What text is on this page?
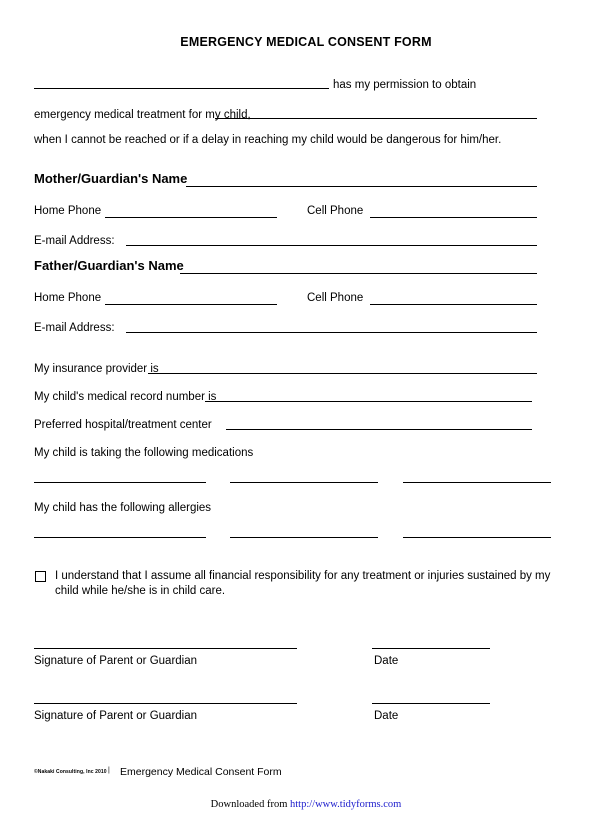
EMERGENCY MEDICAL CONSENT FORM
has my permission to obtain
emergency medical treatment for my child,
when I cannot be reached or if a delay in reaching my child would be dangerous for him/her.
Mother/Guardian's Name
Home Phone	Cell Phone
E-mail Address:
Father/Guardian's Name
Home Phone	Cell Phone
E-mail Address:
My insurance provider is
My child's medical record number is
Preferred hospital/treatment center
My child is taking the following medications
My child has the following allergies
I understand that I assume all financial responsibility for any treatment or injuries sustained by my child while he/she is in child care.
Signature of Parent or Guardian	Date
Signature of Parent or Guardian	Date
©Nakaki Consulting, Inc 2010 | Emergency Medical Consent Form
Downloaded from http://www.tidyforms.com
